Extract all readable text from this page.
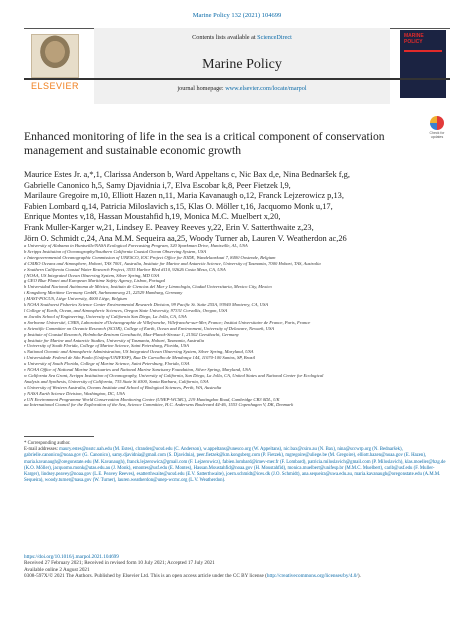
Marine Policy 132 (2021) 104699
ELSEVIER
Contents lists available at ScienceDirect
Marine Policy
journal homepage: www.elsevier.com/locate/marpol
MARINE POLICY
Enhanced monitoring of life in the sea is a critical component of conservation management and sustainable economic growth
Check for updates
Maurice Estes Jr. a,*,1, Clarissa Anderson b, Ward Appeltans c, Nic Bax d,e, Nina Bednaršek f,g,
Gabrielle Canonico h,5, Samy Djavidnia i,7, Elva Escobar k,8, Peer Fietzek l,9,
Marilaure Gregoire m,10, Elliott Hazen n,11, Maria Kavanaugh o,12, Franck Lejzerowicz p,13,
Fabien Lombard q,14, Patricia Miloslavich s,15, Klas O. Möller t,16, Jacquomo Monk u,17,
Enrique Montes v,18, Hassan Moustahfid h,19, Monica M.C. Muelbert x,20,
Frank Muller-Karger w,21, Lindsey E. Peavey Reeves y,22, Erin V. Satterthwaite z,23,
Jörn O. Schmidt c,24, Ana M.M. Sequeira aa,25, Woody Turner ab, Lauren V. Weatherdon ac,26
a University of Alabama in Huntsville/NASA Ecological Forecasting Program, 320 Sparkman Drive, Huntsville, AL, USA
b Scripps Institution of Oceanography/Southern California Coastal Ocean Observing System, USA
c Intergovernmental Oceanographic Commission of UNESCO, IOC Project Office for IODE, Wandelaarkaai 7, 8400 Oostende, Belgium
d CSIRO Oceans and Atmosphere, Hobart, TAS 7001, Australia, Institute for Marine and Antarctic Science, University of Tasmania, 7000 Hobart, TAS, Australia
e Southern California Coastal Water Research Project, 3535 Harbor Blvd #110, 92626 Costa Mesa, CA, USA
f NOAA, US Integrated Ocean Observing System, Silver Spring, MD USA
g GEO Blue Planet and European Maritime Safety Agency, Lisbon, Portugal
h Universidad Nacional Autónoma de México, Instituto de Ciencias del Mar y Limnología, Ciudad Universitaria, Mexico City, Mexico
i Kongsberg Maritime Germany GmbH, Sarhmannweg 21, 22529 Hamburg, Germany
j MAST-POCUS, Liège University, 4000 Liège, Belgium
k NOAA Southwest Fisheries Science Center Environmental Research Division, 99 Pacific St. Suite 255A, 93940 Monterey, CA, USA
l College of Earth, Ocean, and Atmospheric Sciences, Oregon State University, 97331 Corvallis, Oregon, USA
m Jacobs School of Engineering, University of California San Diego, La Jolla, CA, USA
n Sorbonne Université, CNRS, Laboratoire d'Océanographie de Villefranche, Villefranche-sur-Mer, France; Institut Universitaire de France, Paris, France
o Scientific Committee on Oceanic Research (SCOR), College of Earth, Ocean and Environment, University of Delaware, Newark, USA
p Institute of Coastal Research, Helmholtz-Zentrum Geesthacht, Max-Planck-Strasse 1, 21502 Geesthacht, Germany
q Institute for Marine and Antarctic Studies, University of Tasmania, Hobart, Tasmania, Australia
r University of South Florida, College of Marine Science, Saint Petersburg, Florida, USA
s National Oceanic and Atmospheric Administration, US Integrated Ocean Observing System, Silver Spring, Maryland, USA
t Universidade Federal de São Paulo (Unifesp/UNIFESP), Rua Dr Carvalho de Mendonça 144, 11070-100 Santos, SP, Brazil
u University of South Florida, College of Marine Science, Saint Petersburg, Florida, USA
v NOAA Office of National Marine Sanctuaries and National Marine Sanctuary Foundation, Silver Spring, Maryland, USA
w California Sea Grant, Scripps Institution of Oceanography, University of California, San Diego, La Jolla, CA, United States and National Center for Ecological
Analysis and Synthesis, University of California, 735 State St #300, Santa Barbara, California, USA
x University of Western Australia, Oceans Institute and School of Biological Sciences, Perth, WA, Australia
y NASA Earth Science Division, Washington, DC, USA
z UN Environment Programme World Conservation Monitoring Centre (UNEP-WCMC), 219 Huntingdon Road, Cambridge CB3 0DL, UK
aa International Council for the Exploration of the Sea, Science Committee, H.C. Andersens Boulevard 44-46, 1553 Copenhagen V, DK, Denmark
* Corresponding author.
E-mail addresses: maury.estes@nsstc.uah.edu (M. Estes), clrander@ucsd.edu (C. Anderson), w.appeltans@unesco.org (W. Appeltans), nic.bax@csiro.au (N. Bax), nina@sccwrp.org (N. Bednaršek), gabrielle.canonico@noaa.gov (G. Canonico), samy.djavidnia@gmail.com (S. Djavidnia), peer.fietzek@km.kongsberg.com (P. Fietzek), mgregoire@uliege.be (M. Gregoire), elliott.hazen@noaa.gov (E. Hazen), maria.kavanaugh@oregonstate.edu (M. Kavanaugh), franck.lejzerowicz@gmail.com (F. Lejzerowicz), fabien.lombard@imev-mer.fr (F. Lombard), patricia.miloslavich@gmail.com (P. Miloslavich), klas.moeller@hzg.de (K.O. Möller), jacquomo.monk@utas.edu.au (J. Monk), emontes@usf.edu (E. Montes), Hassan.Moustahfid@noaa.gov (H. Moustahfid), monica.muelbert@unifesp.br (M.M.C. Muelbert), carib@usf.edu (F. Muller-Karger), lindsey.peavey@noaa.gov (L.E. Peavey Reeves), esatterthwaite@ucsd.edu (E.V. Satterthwaite), joern.schmidt@ices.dk (J.O. Schmidt), ana.sequeira@uwa.edu.au, maria.kavanaugh@oregonstate.edu (A.M.M. Sequeira), woody.turner@nasa.gov (W. Turner), lauren.weatherdon@unep-wcmc.org (L.V. Weatherdon).
https://doi.org/10.1016/j.marpol.2021.104699
Received 27 February 2021; Received in revised form 10 July 2021; Accepted 17 July 2021
Available online 2 August 2021
0308-597X/© 2021 The Authors. Published by Elsevier Ltd. This is an open access article under the CC BY license (http://creativecommons.org/licenses/by/4.0/).
